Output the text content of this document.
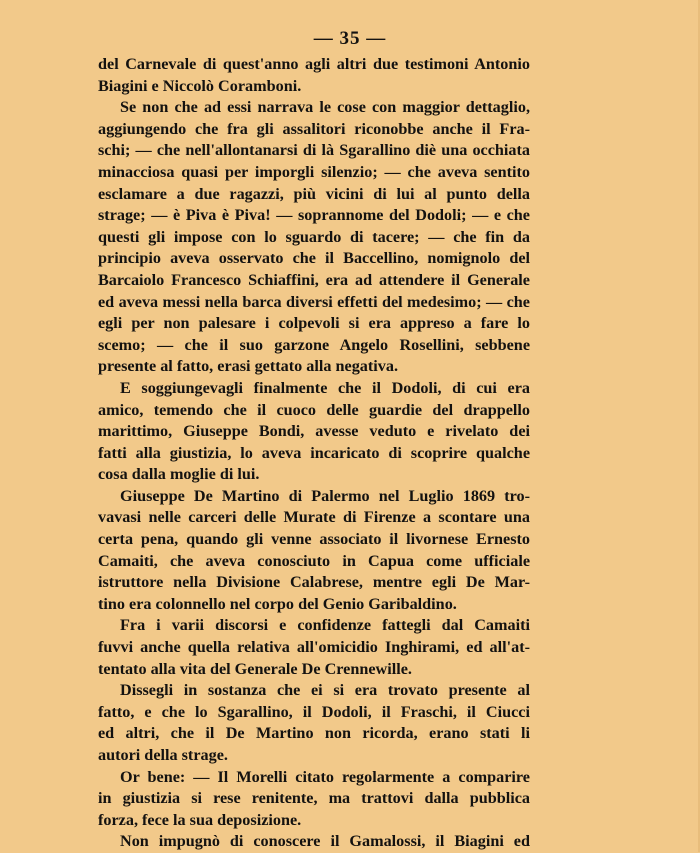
— 35 —
del Carnevale di quest'anno agli altri due testimoni Antonio
Biagini e Niccolò Coramboni.
Se non che ad essi narrava le cose con maggior dettaglio,
aggiungendo che fra gli assalitori riconobbe anche il Fra-
schi; — che nell'allontanarsi di là Sgarallino diè una occhiata
minacciosa quasi per imporgli silenzio; — che aveva sentito
esclamare a due ragazzi, più vicini di lui al punto della
strage; — è Piva è Piva! — soprannome del Dodoli; — e che
questi gli impose con lo sguardo di tacere; — che fin da
principio aveva osservato che il Baccellino, nomignolo del
Barcaiolo Francesco Schiaffini, era ad attendere il Generale
ed aveva messi nella barca diversi effetti del medesimo; — che
egli per non palesare i colpevoli si era appreso a fare lo
scemo; — che il suo garzone Angelo Rosellini, sebbene
presente al fatto, erasi gettato alla negativa.
E soggiungevagli finalmente che il Dodoli, di cui era
amico, temendo che il cuoco delle guardie del drappello
marittimo, Giuseppe Bondi, avesse veduto e rivelato dei
fatti alla giustizia, lo aveva incaricato di scoprire qualche
cosa dalla moglie di lui.
Giuseppe De Martino di Palermo nel Luglio 1869 tro-
vavasi nelle carceri delle Murate di Firenze a scontare una
certa pena, quando gli venne associato il livornese Ernesto
Camaiti, che aveva conosciuto in Capua come ufficiale
istruttore nella Divisione Calabrese, mentre egli De Mar-
tino era colonnello nel corpo del Genio Garibaldino.
Fra i varii discorsi e confidenze fattegli dal Camaiti
fuvvi anche quella relativa all'omicidio Inghirami, ed all'at-
tentato alla vita del Generale De Crennewille.
Dissegli in sostanza che ei si era trovato presente al
fatto, e che lo Sgarallino, il Dodoli, il Fraschi, il Ciucci
ed altri, che il De Martino non ricorda, erano stati li
autori della strage.
Or bene: — Il Morelli citato regolarmente a comparire
in giustizia si rese renitente, ma trattovi dalla pubblica
forza, fece la sua deposizione.
Non impugnò di conoscere il Gamalossi, il Biagini ed
